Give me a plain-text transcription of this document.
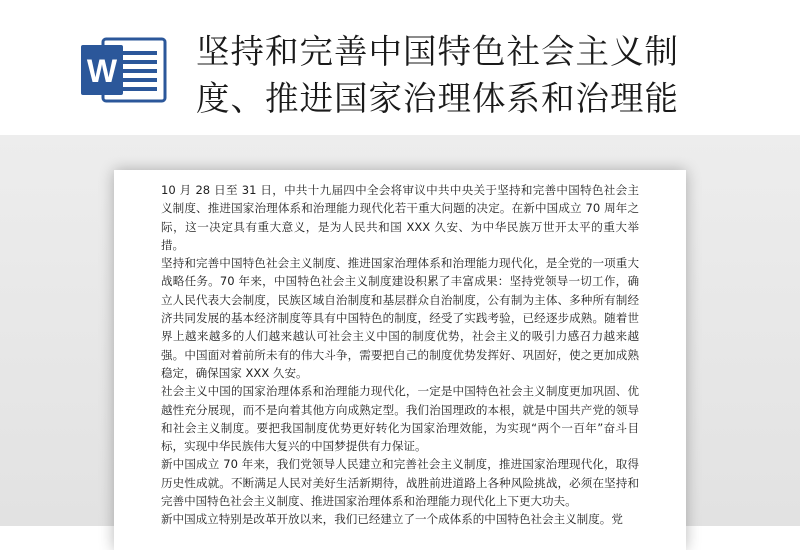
W 坚持和完善中国特色社会主义制
度、推进国家治理体系和治理能

10 月 28 日至 31 日，中共十九届四中全会将审议中共中央关于坚持和完善中国特色社会主义制度、推进国家治理体系和治理能力现代化若干重大问题的决定。在新中国成立 70 周年之际，这一决定具有重大意义，是为人民共和国 XXX 久安、为中华民族万世开太平的重大举措。

坚持和完善中国特色社会主义制度、推进国家治理体系和治理能力现代化，是全党的一项重大战略任务。70 年来，中国特色社会主义制度建设积累了丰富成果：坚持党领导一切工作，确立人民代表大会制度，民族区域自治制度和基层群众自治制度，公有制为主体、多种所有制经济共同发展的基本经济制度等具有中国特色的制度，经受了实践考验，已经逐步成熟。随着世界上越来越多的人们越来越认可社会主义中国的制度优势，社会主义的吸引力感召力越来越强。中国面对着前所未有的伟大斗争，需要把自己的制度优势发挥好、巩固好，使之更加成熟稳定，确保国家 XXX 久安。

社会主义中国的国家治理体系和治理能力现代化，一定是中国特色社会主义制度更加巩固、优越性充分展现，而不是向着其他方向成熟定型。我们治国理政的本根，就是中国共产党的领导和社会主义制度。要把我国制度优势更好转化为国家治理效能，为实现“两个一百年”奋斗目标，实现中华民族伟大复兴的中国梦提供有力保证。

新中国成立 70 年来，我们党领导人民建立和完善社会主义制度，推进国家治理现代化，取得历史性成就。不断满足人民对美好生活新期待，战胜前进道路上各种风险挑战，必须在坚持和完善中国特色社会主义制度、推进国家治理体系和治理能力现代化上下更大功夫。

新中国成立特别是改革开放以来，我们已经建立了一个成体系的中国特色社会主义制度。党
